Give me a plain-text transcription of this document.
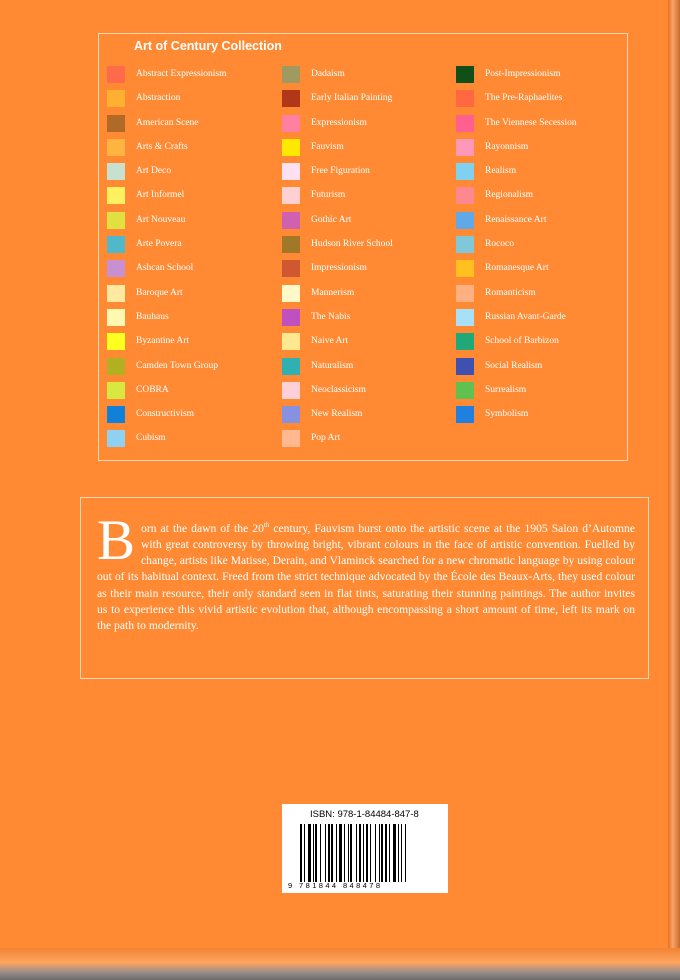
Art of Century Collection
Abstract Expressionism
Abstraction
American Scene
Arts & Crafts
Art Deco
Art Informel
Art Nouveau
Arte Povera
Ashcan School
Baroque Art
Bauhaus
Byzantine Art
Camden Town Group
COBRA
Constructivism
Cubism
Dadaism
Early Italian Painting
Expressionism
Fauvism
Free Figuration
Futurism
Gothic Art
Hudson River School
Impressionism
Mannerism
The Nabis
Naive Art
Naturalism
Neoclassicism
New Realism
Pop Art
Post-Impressionism
The Pre-Raphaelites
The Viennese Secession
Rayonnism
Realism
Regionalism
Renaissance Art
Rococo
Romanesque Art
Romanticism
Russian Avant-Garde
School of Barbizon
Social Realism
Surrealism
Symbolism

Born at the dawn of the 20th century, Fauvism burst onto the artistic scene at the 1905 Salon d’Automne with great controversy by throwing bright, vibrant colours in the face of artistic convention. Fuelled by change, artists like Matisse, Derain, and Vlaminck searched for a new chromatic language by using colour out of its habitual context. Freed from the strict technique advocated by the École des Beaux-Arts, they used colour as their main resource, their only standard seen in flat tints, saturating their stunning paintings. The author invites us to experience this vivid artistic evolution that, although encompassing a short amount of time, left its mark on the path to modernity.

ISBN: 978-1-84484-847-8
9 781844 848478
